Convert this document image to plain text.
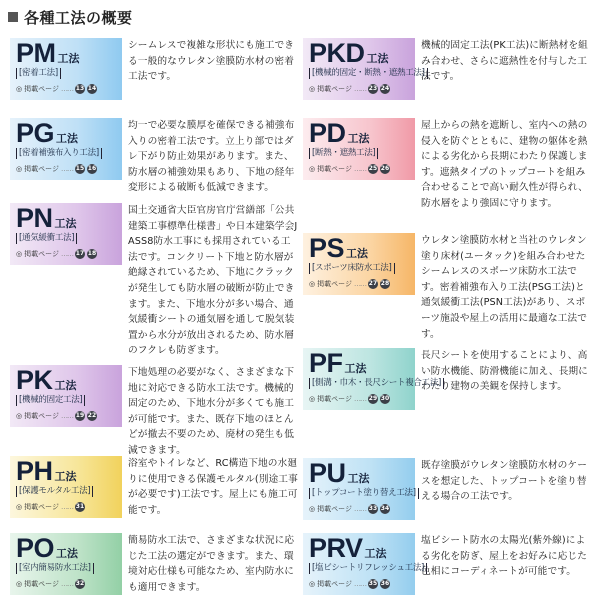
各種工法の概要
PM 工法
[密着工法]
◎ 掲載ページ …… 13 14
シームレスで複雑な形状にも施工できる一般的なウレタン塗膜防水材の密着工法です。
PG 工法
[密着補強布入り工法]
◎ 掲載ページ …… 15 16
均一で必要な膜厚を確保できる補強布入りの密着工法です。立上り部ではダレ下がり防止効果があります。また、防水層の補強効果もあり、下地の経年変形による破断も低減できます。
PN 工法
[通気緩衝工法]
◎ 掲載ページ …… 17 18
国土交通省大臣官房官庁営繕部「公共建築工事標準仕様書」や日本建築学会JASS8防水工事にも採用されている工法です。コンクリート下地と防水層が絶縁されているため、下地にクラックが発生しても防水層の破断が防止できます。また、下地水分が多い場合、通気緩衝シートの通気層を通して脱気装置から水分が放出されるため、防水層のフクレも防ぎます。
PK 工法
[機械的固定工法]
◎ 掲載ページ …… 19 22
下地処理の必要がなく、さまざまな下地に対応できる防水工法です。機械的固定のため、下地水分が多くても施工が可能です。また、既存下地のほとんどが撤去不要のため、廃材の発生も低減できます。
PH 工法
[保護モルタル工法]
◎ 掲載ページ …… 31
浴室やトイレなど、RC構造下地の水廻りに使用できる保護モルタル(別途工事が必要です)工法です。屋上にも施工可能です。
PO 工法
[室内簡易防水工法]
◎ 掲載ページ …… 32
簡易防水工法で、さまざまな状況に応じた工法の選定ができます。また、環境対応仕様も可能なため、室内防水にも適用できます。
PKD 工法
[機械的固定・断熱・遮熱工法]
◎ 掲載ページ …… 23 24
機械的固定工法(PK工法)に断熱材を組み合わせ、さらに遮熱性を付与した工法です。
PD 工法
[断熱・遮熱工法]
◎ 掲載ページ …… 25 26
屋上からの熱を遮断し、室内への熱の侵入を防ぐとともに、建物の躯体を熱による劣化から長期にわたり保護します。遮熱タイプのトップコートを組み合わせることで高い耐久性が得られ、防水層をより強固に守ります。
PS 工法
[スポーツ床防水工法]
◎ 掲載ページ …… 27 28
ウレタン塗膜防水材と当社のウレタン塗り床材(ユータック)を組み合わせたシームレスのスポーツ床防水工法です。密着補強布入り工法(PSG工法)と通気緩衝工法(PSN工法)があり、スポーツ施設や屋上の活用に最適な工法です。
PF 工法
[側溝・巾木・長尺シート複合工法]
◎ 掲載ページ …… 29 30
長尺シートを使用することにより、高い防水機能、防滑機能に加え、長期にわたり建物の美観を保持します。
PU 工法
[トップコート塗り替え工法]
◎ 掲載ページ …… 33 34
既存塗膜がウレタン塗膜防水材のケースを想定した、トップコートを塗り替える場合の工法です。
PRV 工法
[塩ビシートリフレッシュ工法]
◎ 掲載ページ …… 35 36
塩ビシート防水の太陽光(紫外線)による劣化を防ぎ、屋上をお好みに応じた色相にコーディネートが可能です。
